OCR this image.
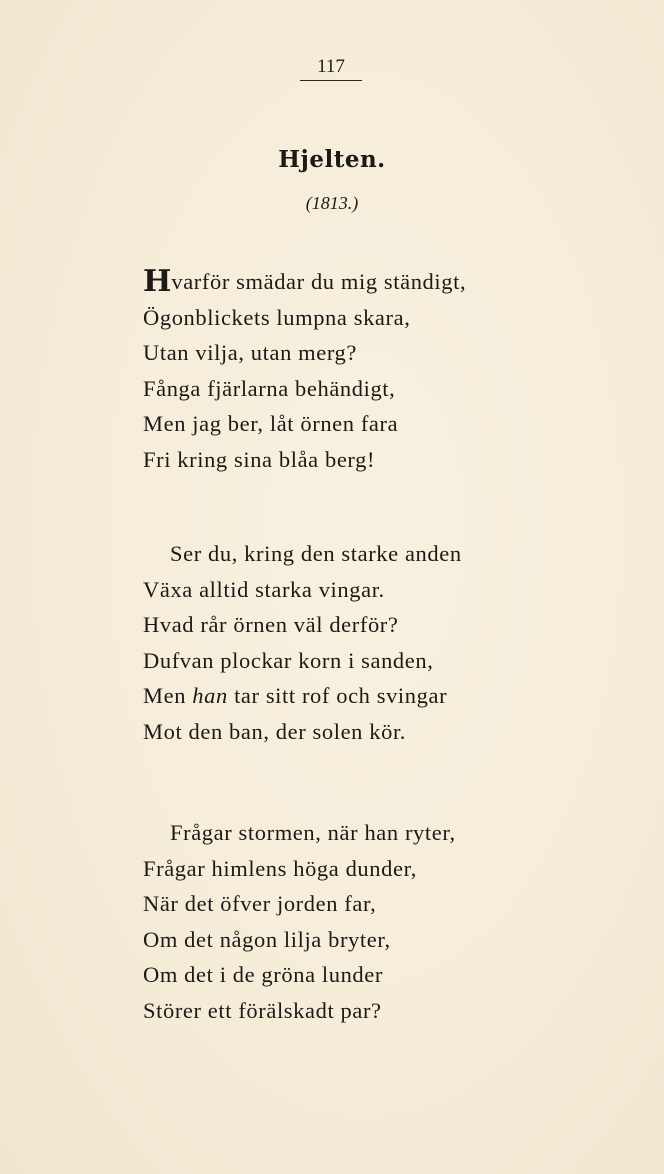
117
Hjelten.
(1813.)
Hvarför smädar du mig ständigt,
Ögonblickets lumpna skara,
Utan vilja, utan merg?
Fånga fjärlarna behändigt,
Men jag ber, låt örnen fara
Fri kring sina blåa berg!
Ser du, kring den starke anden
Växa alltid starka vingar.
Hvad rår örnen väl derför?
Dufvan plockar korn i sanden,
Men han tar sitt rof och svingar
Mot den ban, der solen kör.
Frågar stormen, när han ryter,
Frågar himlens höga dunder,
När det öfver jorden far,
Om det någon lilja bryter,
Om det i de gröna lunder
Störer ett förälskadt par?
